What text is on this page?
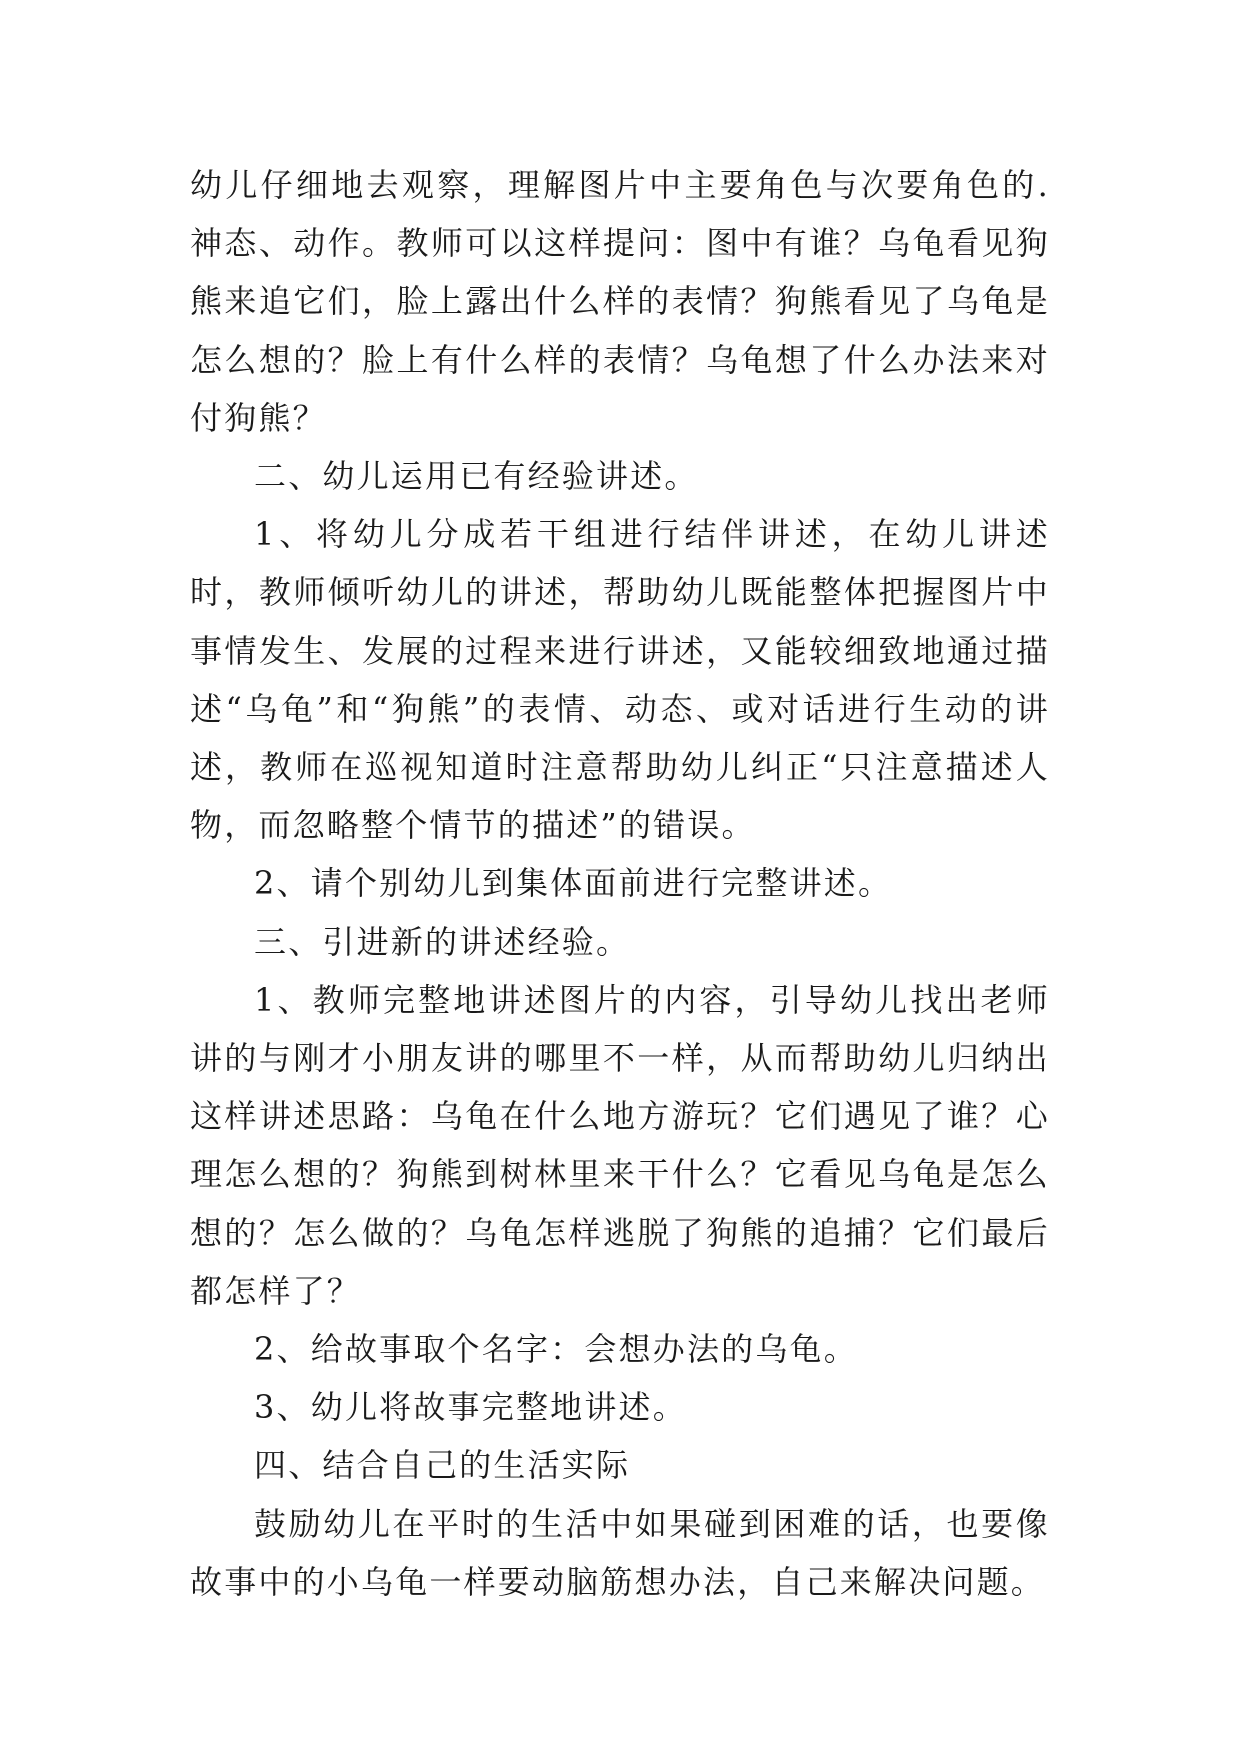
幼儿仔细地去观察，理解图片中主要角色与次要角色的.神态、动作。教师可以这样提问：图中有谁？乌龟看见狗熊来追它们，脸上露出什么样的表情？狗熊看见了乌龟是怎么想的？脸上有什么样的表情？乌龟想了什么办法来对付狗熊？

二、幼儿运用已有经验讲述。

1、将幼儿分成若干组进行结伴讲述，在幼儿讲述时，教师倾听幼儿的讲述，帮助幼儿既能整体把握图片中事情发生、发展的过程来进行讲述，又能较细致地通过描述“乌龟”和“狗熊”的表情、动态、或对话进行生动的讲述，教师在巡视知道时注意帮助幼儿纠正“只注意描述人物，而忽略整个情节的描述”的错误。

2、请个别幼儿到集体面前进行完整讲述。

三、引进新的讲述经验。

1、教师完整地讲述图片的内容，引导幼儿找出老师讲的与刚才小朋友讲的哪里不一样，从而帮助幼儿归纳出这样讲述思路：乌龟在什么地方游玩？它们遇见了谁？心理怎么想的？狗熊到树林里来干什么？它看见乌龟是怎么想的？怎么做的？乌龟怎样逃脱了狗熊的追捕？它们最后都怎样了？

2、给故事取个名字：会想办法的乌龟。

3、幼儿将故事完整地讲述。

四、结合自己的生活实际

鼓励幼儿在平时的生活中如果碰到困难的话，也要像故事中的小乌龟一样要动脑筋想办法，自己来解决问题。
